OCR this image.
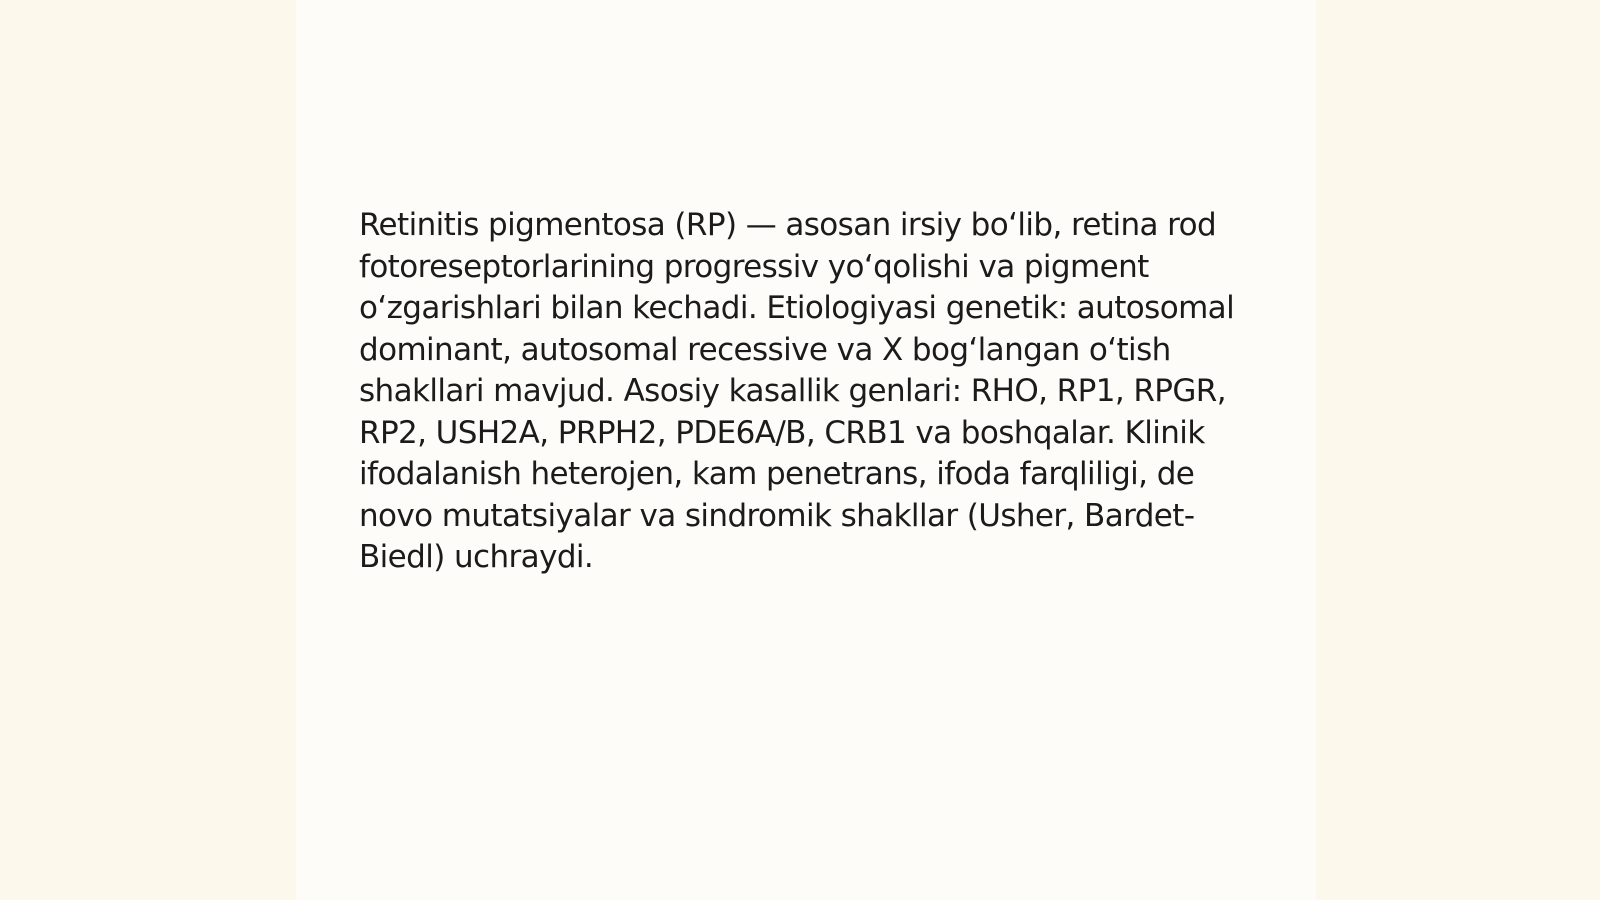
Retinitis pigmentosa (RP) — asosan irsiy boʻlib, retina rod fotoreseptorlarining progressiv yoʻqolishi va pigment oʻzgarishlari bilan kechadi. Etiologiyasi genetik: autosomal dominant, autosomal recessive va X bogʻlangan oʻtish shakllari mavjud. Asosiy kasallik genlari: RHO, RP1, RPGR, RP2, USH2A, PRPH2, PDE6A/B, CRB1 va boshqalar. Klinik ifodalanish heterojen, kam penetrans, ifoda farqliligi, de novo mutatsiyalar va sindromik shakllar (Usher, Bardet-Biedl) uchraydi.
